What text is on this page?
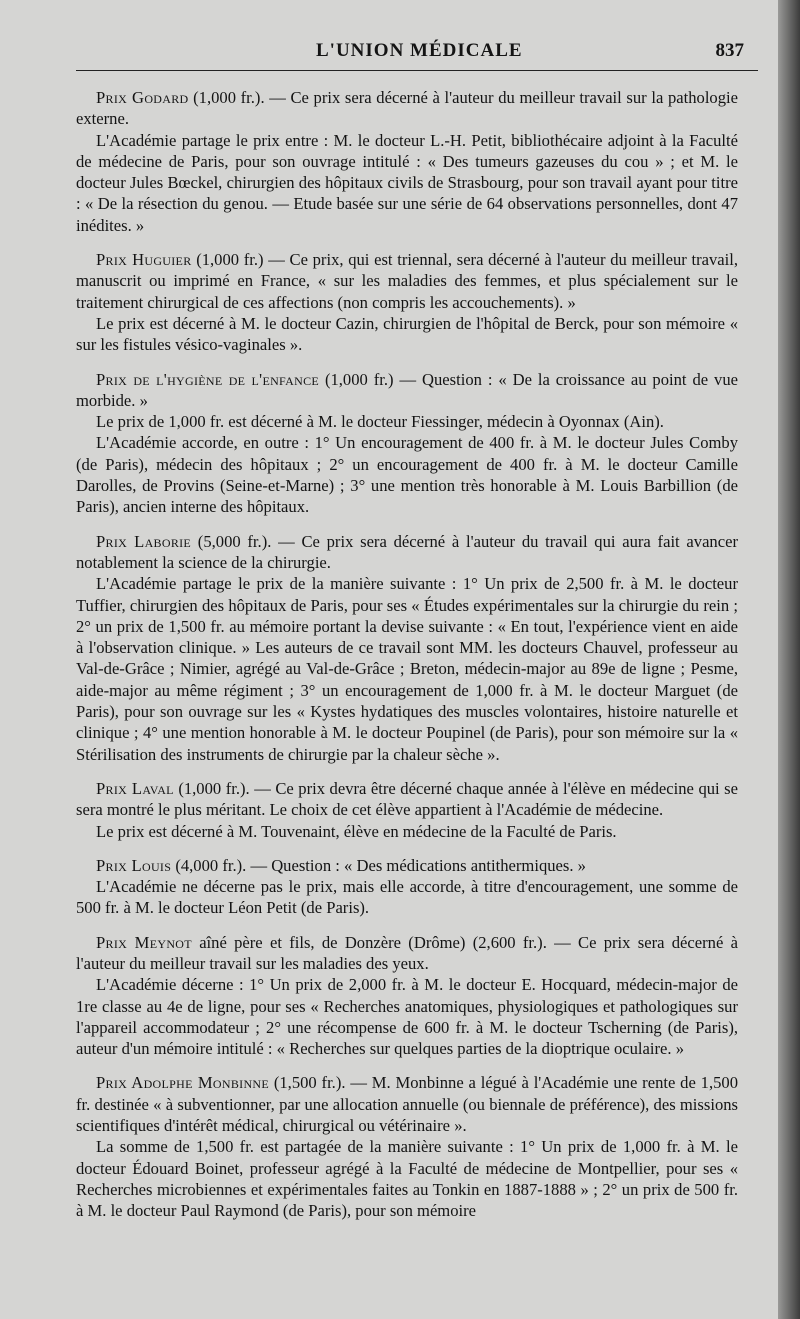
L'UNION MÉDICALE	837

Prix Godard (1,000 fr.). — Ce prix sera décerné à l'auteur du meilleur travail sur la pathologie externe.

L'Académie partage le prix entre : M. le docteur L.-H. Petit, bibliothécaire adjoint à la Faculté de médecine de Paris, pour son ouvrage intitulé : « Des tumeurs gazeuses du cou » ; et M. le docteur Jules Bœckel, chirurgien des hôpitaux civils de Strasbourg, pour son travail ayant pour titre : « De la résection du genou. — Etude basée sur une série de 64 observations personnelles, dont 47 inédites. »

Prix Huguier (1,000 fr.) — Ce prix, qui est triennal, sera décerné à l'auteur du meilleur travail, manuscrit ou imprimé en France, « sur les maladies des femmes, et plus spécialement sur le traitement chirurgical de ces affections (non compris les accouchements). »

Le prix est décerné à M. le docteur Cazin, chirurgien de l'hôpital de Berck, pour son mémoire « sur les fistules vésico-vaginales ».

Prix de l'hygiène de l'enfance (1,000 fr.) — Question : « De la croissance au point de vue morbide. »

Le prix de 1,000 fr. est décerné à M. le docteur Fiessinger, médecin à Oyonnax (Ain).

L'Académie accorde, en outre : 1° Un encouragement de 400 fr. à M. le docteur Jules Comby (de Paris), médecin des hôpitaux ; 2° un encouragement de 400 fr. à M. le docteur Camille Darolles, de Provins (Seine-et-Marne) ; 3° une mention très honorable à M. Louis Barbillion (de Paris), ancien interne des hôpitaux.

Prix Laborie (5,000 fr.). — Ce prix sera décerné à l'auteur du travail qui aura fait avancer notablement la science de la chirurgie.

L'Académie partage le prix de la manière suivante : 1° Un prix de 2,500 fr. à M. le docteur Tuffier, chirurgien des hôpitaux de Paris, pour ses « Études expérimentales sur la chirurgie du rein ; 2° un prix de 1,500 fr. au mémoire portant la devise suivante : « En tout, l'expérience vient en aide à l'observation clinique. » Les auteurs de ce travail sont MM. les docteurs Chauvel, professeur au Val-de-Grâce ; Nimier, agrégé au Val-de-Grâce ; Breton, médecin-major au 89e de ligne ; Pesme, aide-major au même régiment ; 3° un encouragement de 1,000 fr. à M. le docteur Marguet (de Paris), pour son ouvrage sur les « Kystes hydatiques des muscles volontaires, histoire naturelle et clinique ; 4° une mention honorable à M. le docteur Poupinel (de Paris), pour son mémoire sur la « Stérilisation des instruments de chirurgie par la chaleur sèche ».

Prix Laval (1,000 fr.). — Ce prix devra être décerné chaque année à l'élève en médecine qui se sera montré le plus méritant. Le choix de cet élève appartient à l'Académie de médecine.

Le prix est décerné à M. Touvenaint, élève en médecine de la Faculté de Paris.

Prix Louis (4,000 fr.). — Question : « Des médications antithermiques. »

L'Académie ne décerne pas le prix, mais elle accorde, à titre d'encouragement, une somme de 500 fr. à M. le docteur Léon Petit (de Paris).

Prix Meynot aîné père et fils, de Donzère (Drôme) (2,600 fr.). — Ce prix sera décerné à l'auteur du meilleur travail sur les maladies des yeux.

L'Académie décerne : 1° Un prix de 2,000 fr. à M. le docteur E. Hocquard, médecin-major de 1re classe au 4e de ligne, pour ses « Recherches anatomiques, physiologiques et pathologiques sur l'appareil accommodateur ; 2° une récompense de 600 fr. à M. le docteur Tscherning (de Paris), auteur d'un mémoire intitulé : « Recherches sur quelques parties de la dioptrique oculaire. »

Prix Adolphe Monbinne (1,500 fr.). — M. Monbinne a légué à l'Académie une rente de 1,500 fr. destinée « à subventionner, par une allocation annuelle (ou biennale de préférence), des missions scientifiques d'intérêt médical, chirurgical ou vétérinaire ».

La somme de 1,500 fr. est partagée de la manière suivante : 1° Un prix de 1,000 fr. à M. le docteur Édouard Boinet, professeur agrégé à la Faculté de médecine de Montpellier, pour ses « Recherches microbiennes et expérimentales faites au Tonkin en 1887-1888 » ; 2° un prix de 500 fr. à M. le docteur Paul Raymond (de Paris), pour son mémoire
